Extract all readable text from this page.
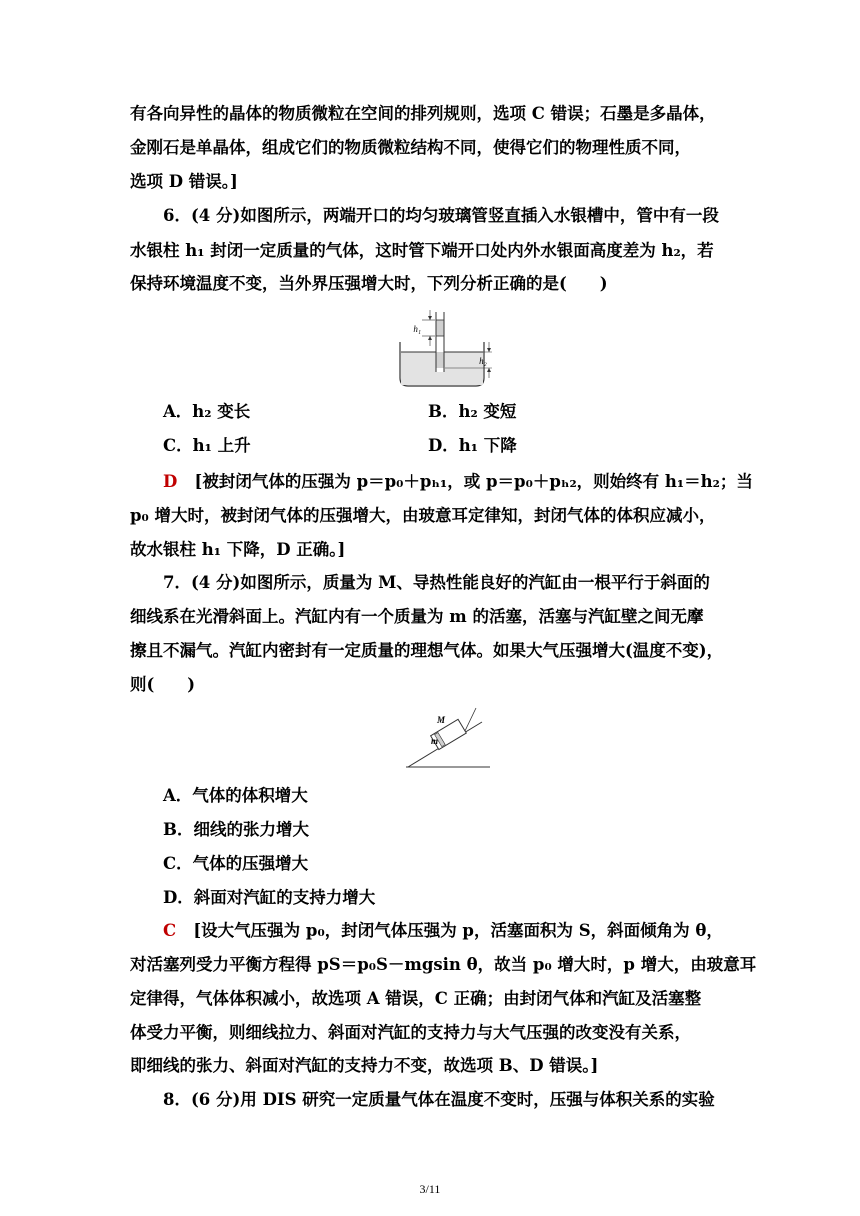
有各向异性的晶体的物质微粒在空间的排列规则，选项 C 错误；石墨是多晶体，
金刚石是单晶体，组成它们的物质微粒结构不同，使得它们的物理性质不同，
选项 D 错误。]
6．(4 分)如图所示，两端开口的均匀玻璃管竖直插入水银槽中，管中有一段
水银柱 h₁ 封闭一定质量的气体，这时管下端开口处内外水银面高度差为 h₂，若
保持环境温度不变，当外界压强增大时，下列分析正确的是(　　)
h₁
h₂
A．h₂ 变长	B．h₂ 变短
C．h₁ 上升	D．h₁ 下降
D [被封闭气体的压强为 p＝p₀＋pₕ₁，或 p＝p₀＋pₕ₂，则始终有 h₁＝h₂；当
p₀ 增大时，被封闭气体的压强增大，由玻意耳定律知，封闭气体的体积应减小，
故水银柱 h₁ 下降，D 正确。]
7．(4 分)如图所示，质量为 M、导热性能良好的汽缸由一根平行于斜面的
细线系在光滑斜面上。汽缸内有一个质量为 m 的活塞，活塞与汽缸壁之间无摩
擦且不漏气。汽缸内密封有一定质量的理想气体。如果大气压强增大(温度不变)，
则(　　)
M
m
A．气体的体积增大
B．细线的张力增大
C．气体的压强增大
D．斜面对汽缸的支持力增大
C [设大气压强为 p₀，封闭气体压强为 p，活塞面积为 S，斜面倾角为 θ，
对活塞列受力平衡方程得 pS＝p₀S－mgsin θ，故当 p₀ 增大时，p 增大，由玻意耳
定律得，气体体积减小，故选项 A 错误，C 正确；由封闭气体和汽缸及活塞整
体受力平衡，则细线拉力、斜面对汽缸的支持力与大气压强的改变没有关系，
即细线的张力、斜面对汽缸的支持力不变，故选项 B、D 错误。]
8．(6 分)用 DIS 研究一定质量气体在温度不变时，压强与体积关系的实验
3/11
